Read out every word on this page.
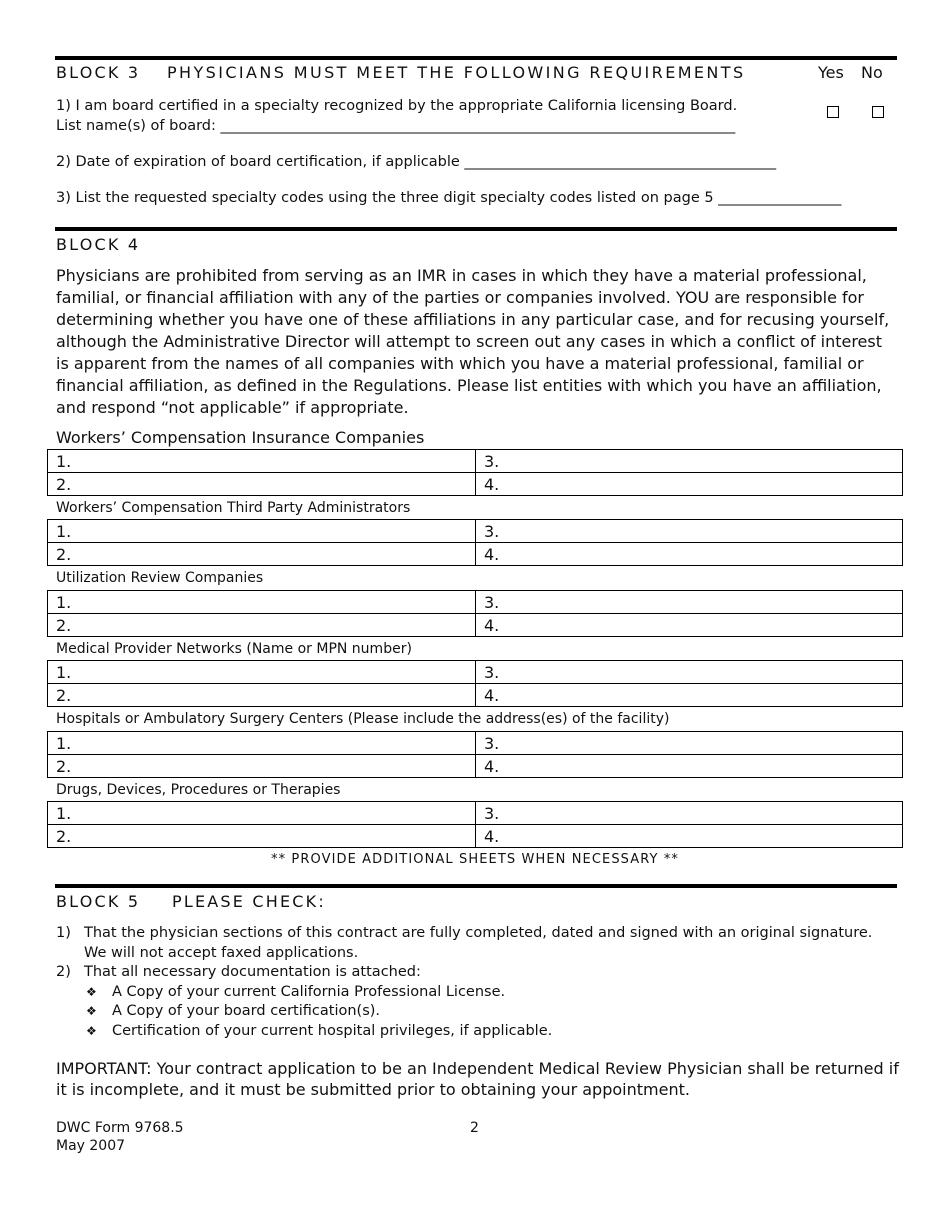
BLOCK 3 PHYSICIANS MUST MEET THE FOLLOWING REQUIREMENTS	Yes No
1) I am board certified in a specialty recognized by the appropriate California licensing Board.
List name(s) of board: _______________________________________________________________________
2) Date of expiration of board certification, if applicable ___________________________________________
3) List the requested specialty codes using the three digit specialty codes listed on page 5 _________________
BLOCK 4
Physicians are prohibited from serving as an IMR in cases in which they have a material professional, familial, or financial affiliation with any of the parties or companies involved. YOU are responsible for determining whether you have one of these affiliations in any particular case, and for recusing yourself, although the Administrative Director will attempt to screen out any cases in which a conflict of interest is apparent from the names of all companies with which you have a material professional, familial or financial affiliation, as defined in the Regulations. Please list entities with which you have an affiliation, and respond “not applicable” if appropriate.
Workers’ Compensation Insurance Companies
1.	3.
2.	4.
Workers’ Compensation Third Party Administrators
1.	3.
2.	4.
Utilization Review Companies
1.	3.
2.	4.
Medical Provider Networks (Name or MPN number)
1.	3.
2.	4.
Hospitals or Ambulatory Surgery Centers (Please include the address(es) of the facility)
1.	3.
2.	4.
Drugs, Devices, Procedures or Therapies
1.	3.
2.	4.
** PROVIDE ADDITIONAL SHEETS WHEN NECESSARY **
BLOCK 5 PLEASE CHECK:
1) That the physician sections of this contract are fully completed, dated and signed with an original signature.
We will not accept faxed applications.
2) That all necessary documentation is attached:
❖ A Copy of your current California Professional License.
❖ A Copy of your board certification(s).
❖ Certification of your current hospital privileges, if applicable.
IMPORTANT: Your contract application to be an Independent Medical Review Physician shall be returned if it is incomplete, and it must be submitted prior to obtaining your appointment.
DWC Form 9768.5
May 2007
2
